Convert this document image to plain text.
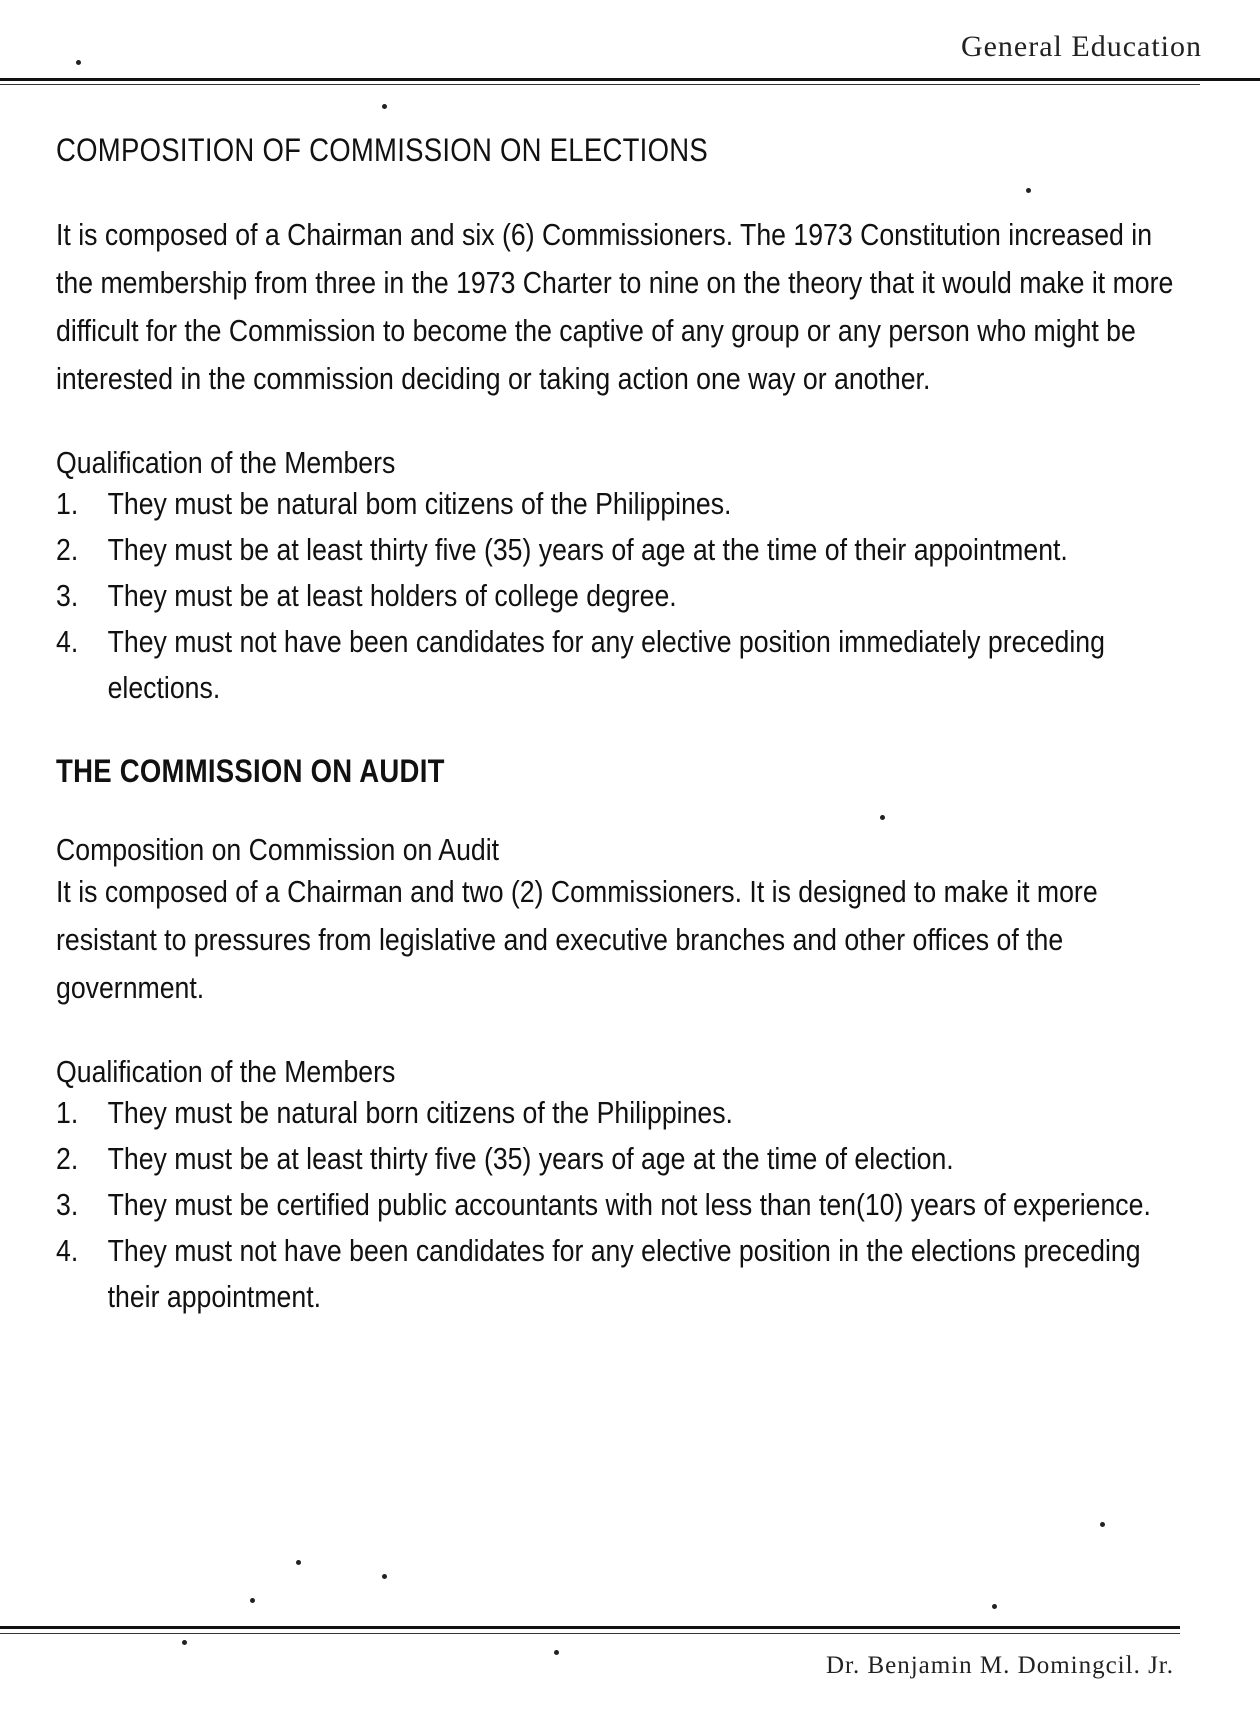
General Education
COMPOSITION OF COMMISSION ON ELECTIONS

It is composed of a Chairman and six (6) Commissioners. The 1973 Constitution increased in the membership from three in the 1973 Charter to nine on the theory that it would make it more difficult for the Commission to become the captive of any group or any person who might be interested in the commission deciding or taking action one way or another.

Qualification of the Members

1. They must be natural bom citizens of the Philippines.
2. They must be at least thirty five (35) years of age at the time of their appointment.
3. They must be at least holders of college degree.
4. They must not have been candidates for any elective position immediately preceding elections.
THE COMMISSION ON AUDIT

Composition on Commission on Audit

It is composed of a Chairman and two (2) Commissioners. It is designed to make it more resistant to pressures from legislative and executive branches and other offices of the government.

Qualification of the Members

1. They must be natural born citizens of the Philippines.
2. They must be at least thirty five (35) years of age at the time of election.
3. They must be certified public accountants with not less than ten(10) years of experience.
4. They must not have been candidates for any elective position in the elections preceding their appointment.
Dr. Benjamin M. Domingcil. Jr.
